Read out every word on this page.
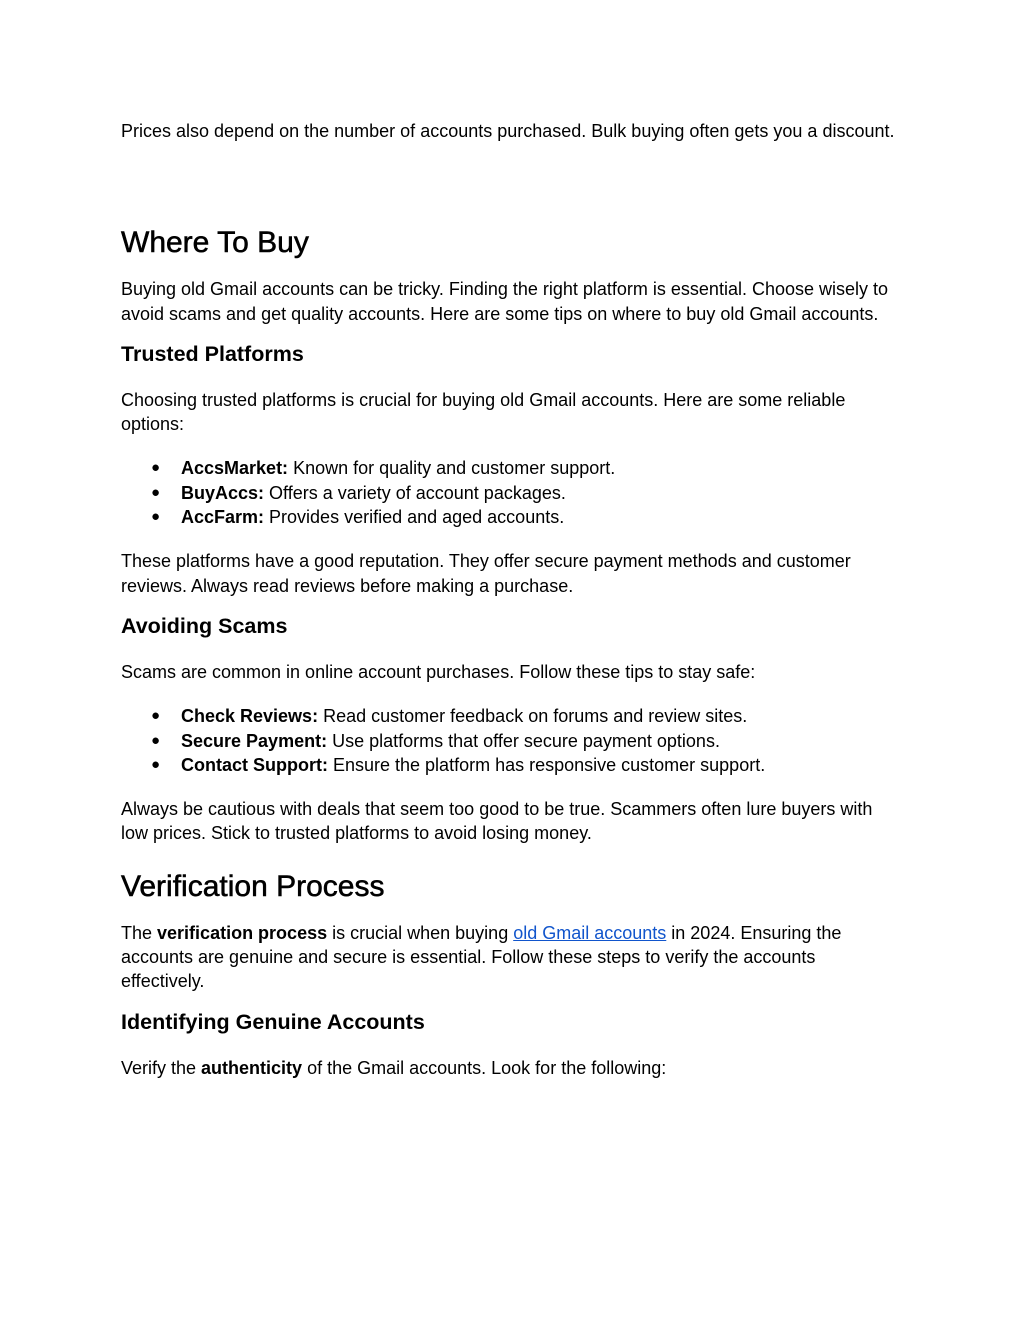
Prices also depend on the number of accounts purchased. Bulk buying often gets you a discount.

Where To Buy

Buying old Gmail accounts can be tricky. Finding the right platform is essential. Choose wisely to avoid scams and get quality accounts. Here are some tips on where to buy old Gmail accounts.

Trusted Platforms

Choosing trusted platforms is crucial for buying old Gmail accounts. Here are some reliable options:

● AccsMarket: Known for quality and customer support.
● BuyAccs: Offers a variety of account packages.
● AccFarm: Provides verified and aged accounts.

These platforms have a good reputation. They offer secure payment methods and customer reviews. Always read reviews before making a purchase.

Avoiding Scams

Scams are common in online account purchases. Follow these tips to stay safe:

● Check Reviews: Read customer feedback on forums and review sites.
● Secure Payment: Use platforms that offer secure payment options.
● Contact Support: Ensure the platform has responsive customer support.

Always be cautious with deals that seem too good to be true. Scammers often lure buyers with low prices. Stick to trusted platforms to avoid losing money.

Verification Process

The verification process is crucial when buying old Gmail accounts in 2024. Ensuring the accounts are genuine and secure is essential. Follow these steps to verify the accounts effectively.

Identifying Genuine Accounts

Verify the authenticity of the Gmail accounts. Look for the following:
